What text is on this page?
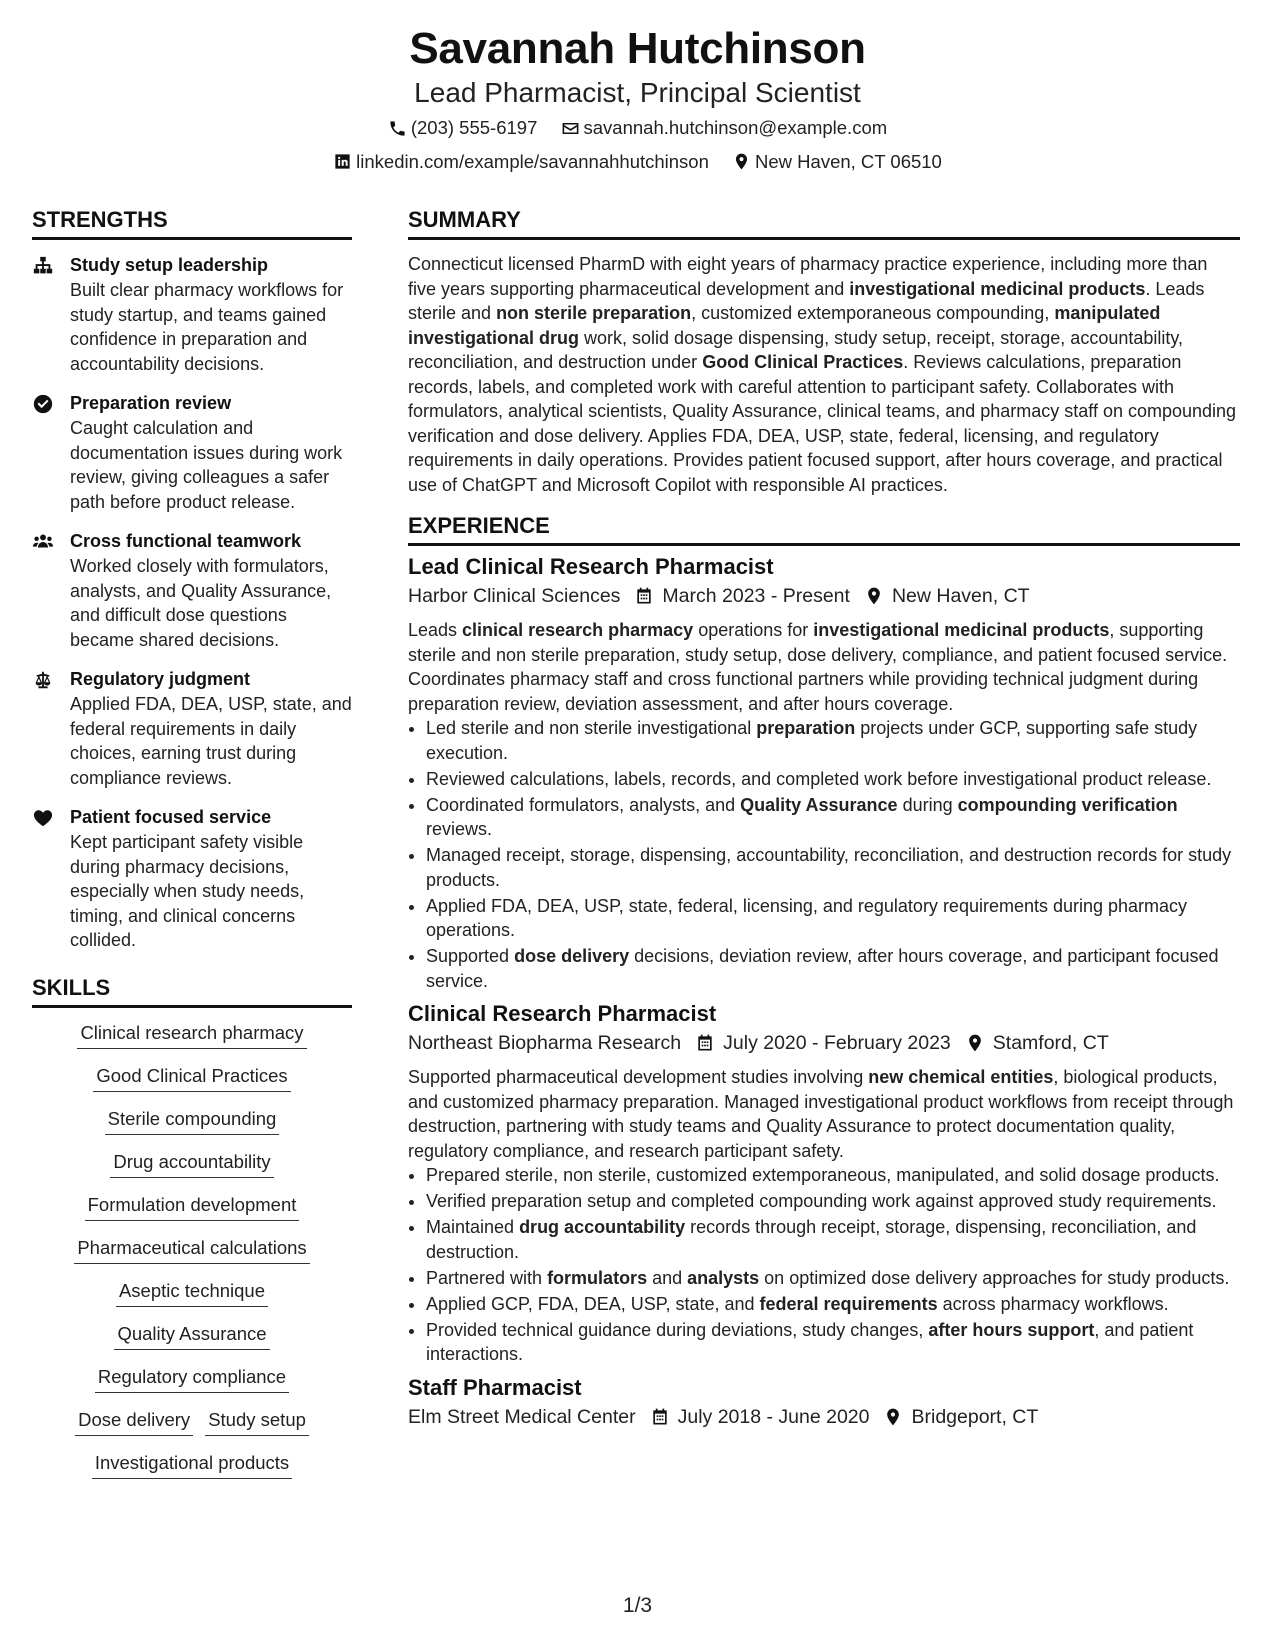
Savannah Hutchinson
Lead Pharmacist, Principal Scientist
(203) 555-6197
savannah.hutchinson@example.com
linkedin.com/example/savannahhutchinson
New Haven, CT 06510
STRENGTHS
Study setup leadership
Built clear pharmacy workflows for study startup, and teams gained confidence in preparation and accountability decisions.
Preparation review
Caught calculation and documentation issues during work review, giving colleagues a safer path before product release.
Cross functional teamwork
Worked closely with formulators, analysts, and Quality Assurance, and difficult dose questions became shared decisions.
Regulatory judgment
Applied FDA, DEA, USP, state, and federal requirements in daily choices, earning trust during compliance reviews.
Patient focused service
Kept participant safety visible during pharmacy decisions, especially when study needs, timing, and clinical concerns collided.
SKILLS
Clinical research pharmacy
Good Clinical Practices
Sterile compounding
Drug accountability
Formulation development
Pharmaceutical calculations
Aseptic technique
Quality Assurance
Regulatory compliance
Dose delivery Study setup
Investigational products
SUMMARY

Connecticut licensed PharmD with eight years of pharmacy practice experience, including more than five years supporting pharmaceutical development and investigational medicinal products. Leads sterile and non sterile preparation, customized extemporaneous compounding, manipulated investigational drug work, solid dosage dispensing, study setup, receipt, storage, accountability, reconciliation, and destruction under Good Clinical Practices. Reviews calculations, preparation records, labels, and completed work with careful attention to participant safety. Collaborates with formulators, analytical scientists, Quality Assurance, clinical teams, and pharmacy staff on compounding verification and dose delivery. Applies FDA, DEA, USP, state, federal, licensing, and regulatory requirements in daily operations. Provides patient focused support, after hours coverage, and practical use of ChatGPT and Microsoft Copilot with responsible AI practices.

EXPERIENCE
Lead Clinical Research Pharmacist
Harbor Clinical Sciences March 2023 - Present New Haven, CT

Leads clinical research pharmacy operations for investigational medicinal products, supporting sterile and non sterile preparation, study setup, dose delivery, compliance, and patient focused service. Coordinates pharmacy staff and cross functional partners while providing technical judgment during preparation review, deviation assessment, and after hours coverage.

• Led sterile and non sterile investigational preparation projects under GCP, supporting safe study execution.
• Reviewed calculations, labels, records, and completed work before investigational product release.
• Coordinated formulators, analysts, and Quality Assurance during compounding verification reviews.
• Managed receipt, storage, dispensing, accountability, reconciliation, and destruction records for study products.
• Applied FDA, DEA, USP, state, federal, licensing, and regulatory requirements during pharmacy operations.
• Supported dose delivery decisions, deviation review, after hours coverage, and participant focused service.
Clinical Research Pharmacist
Northeast Biopharma Research July 2020 - February 2023 Stamford, CT

Supported pharmaceutical development studies involving new chemical entities, biological products, and customized pharmacy preparation. Managed investigational product workflows from receipt through destruction, partnering with study teams and Quality Assurance to protect documentation quality, regulatory compliance, and research participant safety.

• Prepared sterile, non sterile, customized extemporaneous, manipulated, and solid dosage products.
• Verified preparation setup and completed compounding work against approved study requirements.
• Maintained drug accountability records through receipt, storage, dispensing, reconciliation, and destruction.
• Partnered with formulators and analysts on optimized dose delivery approaches for study products.
• Applied GCP, FDA, DEA, USP, state, and federal requirements across pharmacy workflows.
• Provided technical guidance during deviations, study changes, after hours support, and patient interactions.
Staff Pharmacist
Elm Street Medical Center July 2018 - June 2020 Bridgeport, CT
1/3
